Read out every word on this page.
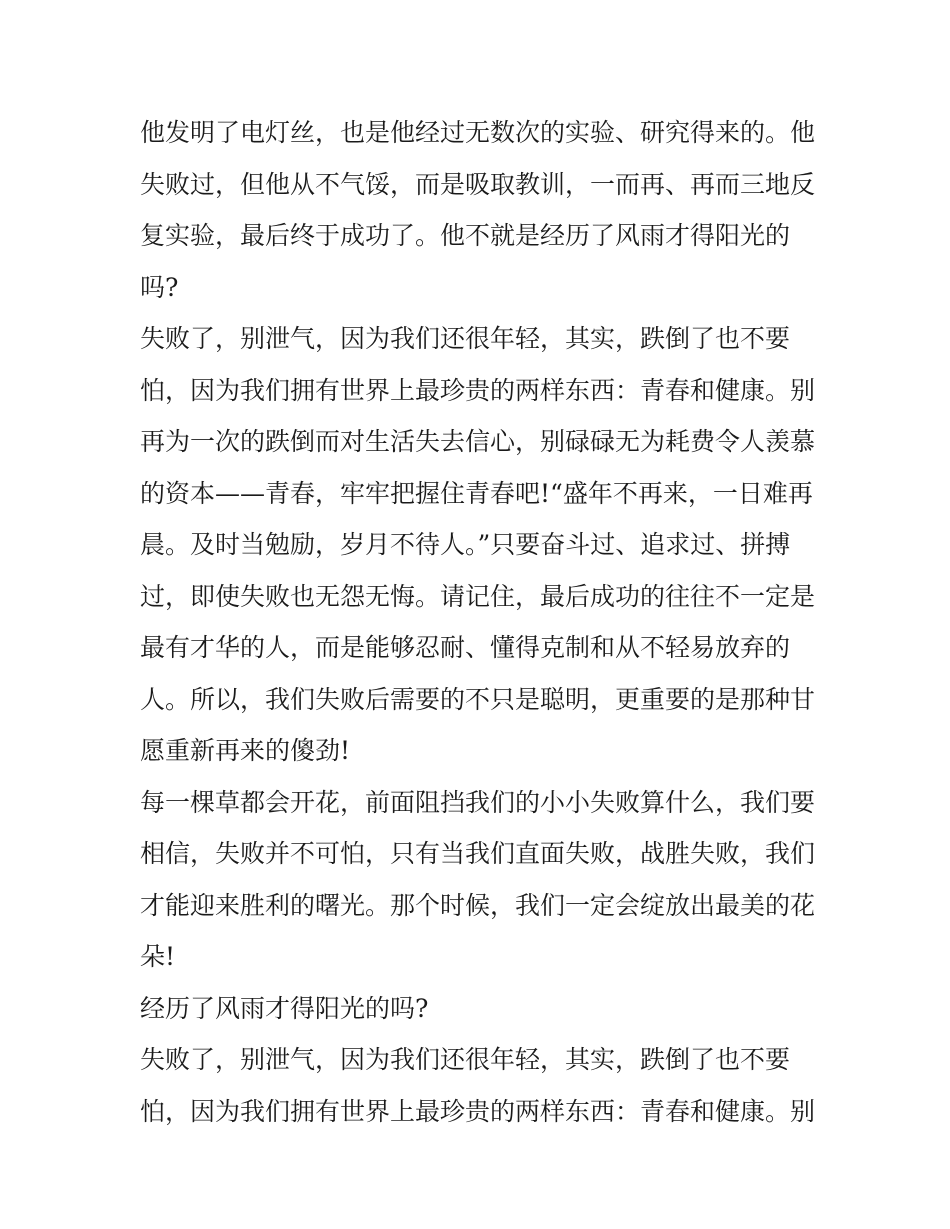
他发明了电灯丝，也是他经过无数次的实验、研究得来的。他
失败过，但他从不气馁，而是吸取教训，一而再、再而三地反
复实验，最后终于成功了。他不就是经历了风雨才得阳光的
吗?
失败了，别泄气，因为我们还很年轻，其实，跌倒了也不要
怕，因为我们拥有世界上最珍贵的两样东西：青春和健康。别
再为一次的跌倒而对生活失去信心，别碌碌无为耗费令人羡慕
的资本——青春，牢牢把握住青春吧!“盛年不再来，一日难再
晨。及时当勉励，岁月不待人。”只要奋斗过、追求过、拼搏
过，即使失败也无怨无悔。请记住，最后成功的往往不一定是
最有才华的人，而是能够忍耐、懂得克制和从不轻易放弃的
人。所以，我们失败后需要的不只是聪明，更重要的是那种甘
愿重新再来的傻劲!
每一棵草都会开花，前面阻挡我们的小小失败算什么，我们要
相信，失败并不可怕，只有当我们直面失败，战胜失败，我们
才能迎来胜利的曙光。那个时候，我们一定会绽放出最美的花
朵!
经历了风雨才得阳光的吗?
失败了，别泄气，因为我们还很年轻，其实，跌倒了也不要
怕，因为我们拥有世界上最珍贵的两样东西：青春和健康。别
